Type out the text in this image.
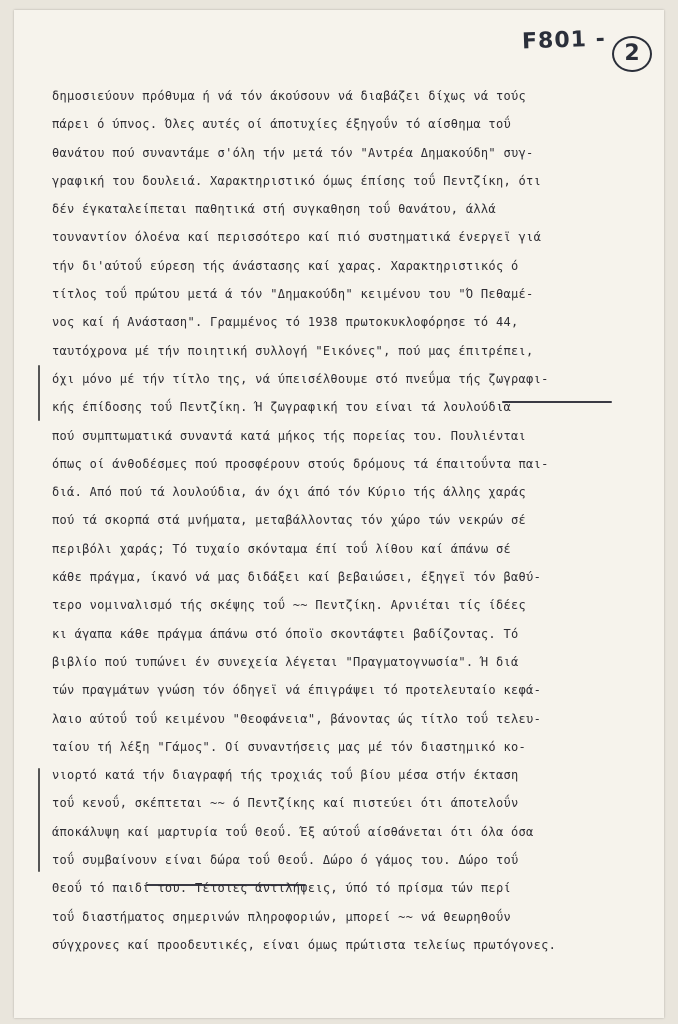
F801 - 2
δημοσιεύουν πρόθυμα ή νά τόν άκούσουν νά διαβάζει δίχως νά τούς
πάρει ό ύπνος. Όλες αυτές οί άποτυχίες έξηγοΰν τό αίσθημα τοΰ
θανάτου πού συναντάμε σ'όλη τήν μετά τόν "Αντρέα Δημακούδη" συγ-
γραφική του δουλειά. Χαρακτηριστικό όμως έπίσης τοΰ Πεντζίκη, ότι
δέν έγκαταλείπεται παθητικά στή συγκαθηση τοΰ θανάτου, άλλά
τουναντίον όλοένα καί περισσότερο καί πιό συστηματικά ένεργεϊ γιά
τήν δι'αύτοΰ εύρεση τής άνάστασης καί χαρας. Χαρακτηριστικός ό
τίτλος τοΰ πρώτου μετά ά τόν "Δημακούδη" κειμένου του "Ό Πεθαμέ-
νος καί ή Ανάσταση". Γραμμένος τό 1938 πρωτοκυκλοφόρησε τό 44,
ταυτόχρονα μέ τήν ποιητική συλλογή "Εικόνες", πού μας έπιτρέπει,
όχι μόνο μέ τήν τίτλο της, νά ύπεισέλθουμε στό πνεΰμα τής ζωγραφι-
κής έπίδοσης τοΰ Πεντζίκη. Ή ζωγραφική του είναι τά λουλούδια
πού συμπτωματικά συναντά κατά μήκος τής πορείας του. Πουλιένται
όπως οί άνθοδέσμες πού προσφέρουν στούς δρόμους τά έπαιτοΰντα παι-
διά. Από πού τά λουλούδια, άν όχι άπό τόν Κύριο τής άλλης χαράς
πού τά σκορπά στά μνήματα, μεταβάλλοντας τόν χώρο τών νεκρών σέ
περιβόλι χαράς; Τό τυχαίο σκόνταμα έπί τοΰ λίθου καί άπάνω σέ
κάθε πράγμα, ίκανό νά μας διδάξει καί βεβαιώσει, έξηγεϊ τόν βαθύ-
τερο νομιναλισμό τής σκέψης τοΰ ~~ Πεντζίκη. Αρνιέται τίς ίδέες
κι άγαπα κάθε πράγμα άπάνω στό όποϊο σκοντάφτει βαδίζοντας. Τό
βιβλίο πού τυπώνει έν συνεχεία λέγεται "Πραγματογνωσία". Ή διά
τών πραγμάτων γνώση τόν όδηγεϊ νά έπιγράψει τό προτελευταίο κεφά-
λαιο αύτοΰ τοΰ κειμένου "Θεοφάνεια", βάνοντας ώς τίτλο τοΰ τελευ-
ταίου τή λέξη "Γάμος". Οί συναντήσεις μας μέ τόν διαστημικό κο-
νιορτό κατά τήν διαγραφή τής τροχιάς τοΰ βίου μέσα στήν έκταση
τοΰ κενοΰ, σκέπτεται ~~ ό Πεντζίκης καί πιστεύει ότι άποτελοΰν
άποκάλυψη καί μαρτυρία τοΰ Θεοΰ. Έξ αύτοΰ αίσθάνεται ότι όλα όσα
τοΰ συμβαίνουν είναι δώρα τοΰ Θεοΰ. Δώρο ό γάμος του. Δώρο τοΰ
Θεοΰ τό παιδί του. Τέτοιες άντιλήψεις, ύπό τό πρίσμα τών περί
τοΰ διαστήματος σημερινών πληροφοριών, μπορεί ~~ νά θεωρηθοΰν
σύγχρονες καί προοδευτικές, είναι όμως πρώτιστα τελείως πρωτόγονες.
